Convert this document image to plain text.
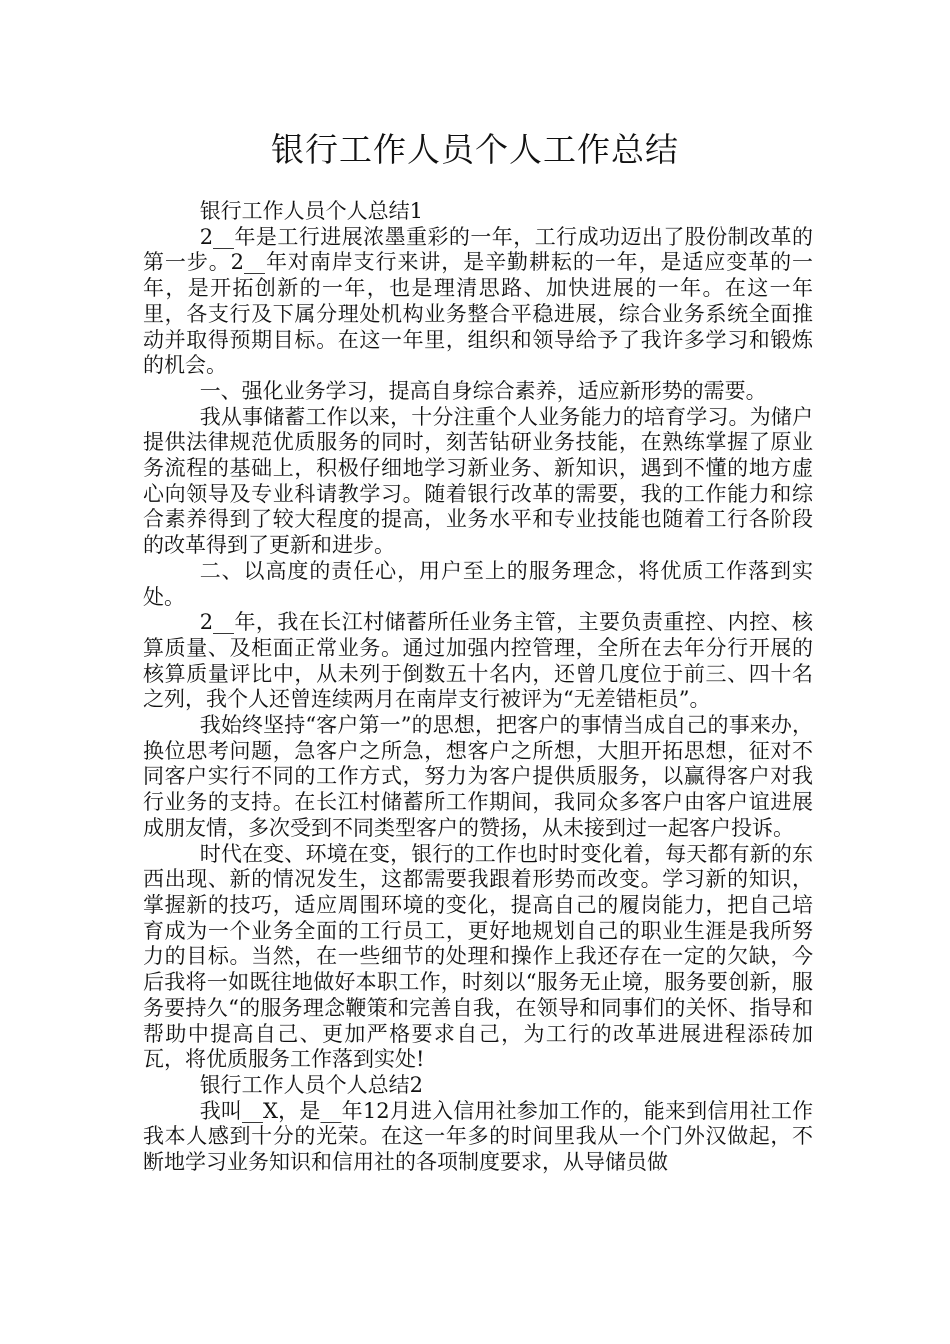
银行工作人员个人工作总结

银行工作人员个人总结1

2__年是工行进展浓墨重彩的一年，工行成功迈出了股份制改革的第一步。2__年对南岸支行来讲，是辛勤耕耘的一年，是适应变革的一年，是开拓创新的一年，也是理清思路、加快进展的一年。在这一年里，各支行及下属分理处机构业务整合平稳进展，综合业务系统全面推动并取得预期目标。在这一年里，组织和领导给予了我许多学习和锻炼的机会。

一、强化业务学习，提高自身综合素养，适应新形势的需要。

我从事储蓄工作以来，十分注重个人业务能力的培育学习。为储户提供法律规范优质服务的同时，刻苦钻研业务技能，在熟练掌握了原业务流程的基础上，积极仔细地学习新业务、新知识，遇到不懂的地方虚心向领导及专业科请教学习。随着银行改革的需要，我的工作能力和综合素养得到了较大程度的提高，业务水平和专业技能也随着工行各阶段的改革得到了更新和进步。

二、以高度的责任心，用户至上的服务理念，将优质工作落到实处。

2__年，我在长江村储蓄所任业务主管，主要负责重控、内控、核算质量、及柜面正常业务。通过加强内控管理，全所在去年分行开展的核算质量评比中，从未列于倒数五十名内，还曾几度位于前三、四十名之列，我个人还曾连续两月在南岸支行被评为“无差错柜员”。

我始终坚持“客户第一”的思想，把客户的事情当成自己的事来办，换位思考问题，急客户之所急，想客户之所想，大胆开拓思想，征对不同客户实行不同的工作方式，努力为客户提供质服务，以赢得客户对我行业务的支持。在长江村储蓄所工作期间，我同众多客户由客户谊进展成朋友情，多次受到不同类型客户的赞扬，从未接到过一起客户投诉。

时代在变、环境在变，银行的工作也时时变化着，每天都有新的东西出现、新的情况发生，这都需要我跟着形势而改变。学习新的知识，掌握新的技巧，适应周围环境的变化，提高自己的履岗能力，把自己培育成为一个业务全面的工行员工，更好地规划自己的职业生涯是我所努力的目标。当然，在一些细节的处理和操作上我还存在一定的欠缺，今后我将一如既往地做好本职工作，时刻以“服务无止境，服务要创新，服务要持久“的服务理念鞭策和完善自我，在领导和同事们的关怀、指导和帮助中提高自己、更加严格要求自己，为工行的改革进展进程添砖加瓦，将优质服务工作落到实处!

银行工作人员个人总结2

我叫__X，是__年12月进入信用社参加工作的，能来到信用社工作我本人感到十分的光荣。在这一年多的时间里我从一个门外汉做起，不断地学习业务知识和信用社的各项制度要求，从导储员做
